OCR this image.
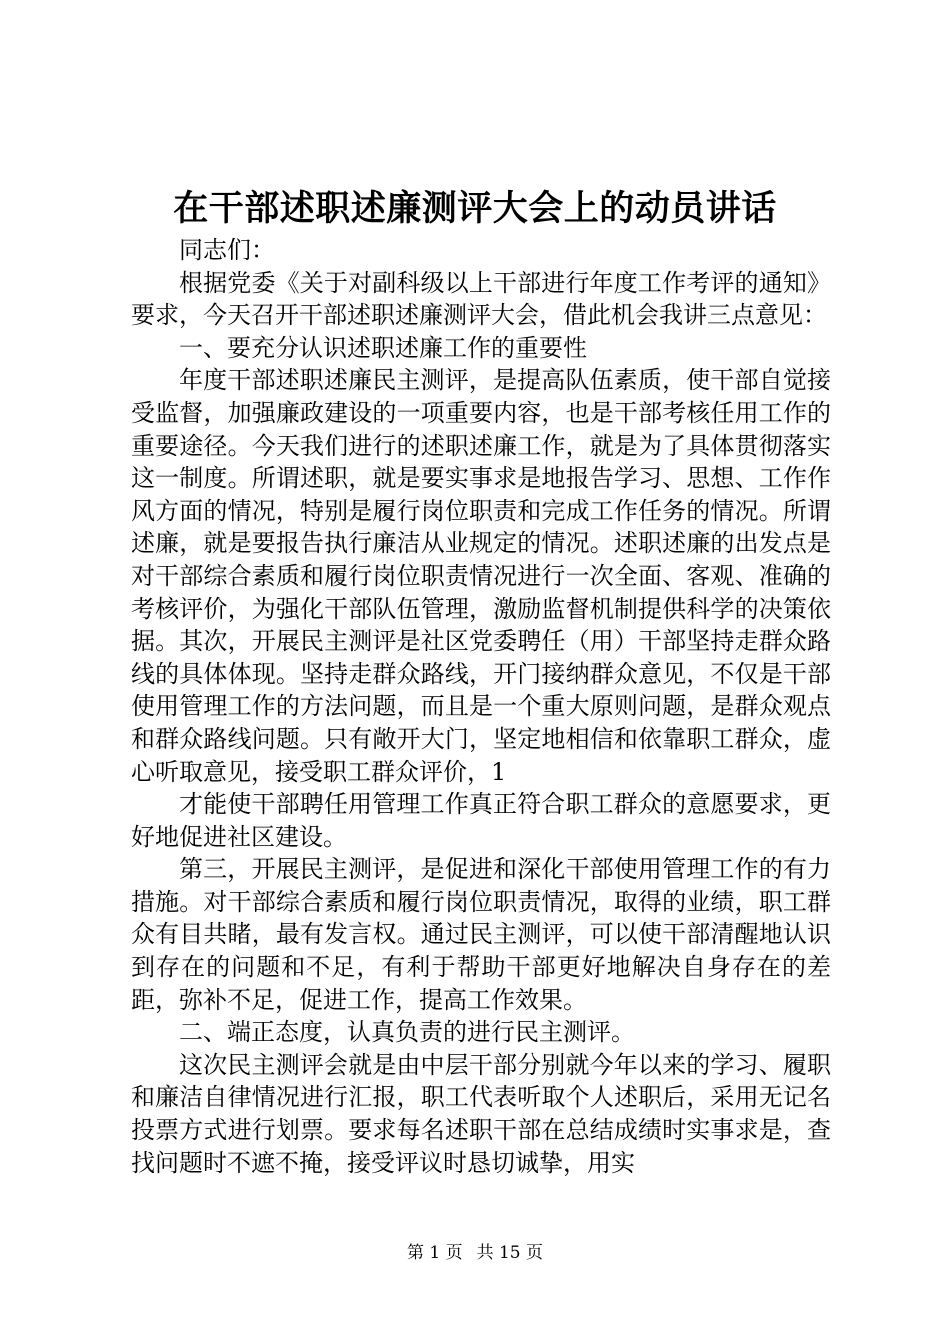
在干部述职述廉测评大会上的动员讲话

同志们：

根据党委《关于对副科级以上干部进行年度工作考评的通知》要求，今天召开干部述职述廉测评大会，借此机会我讲三点意见：

一、要充分认识述职述廉工作的重要性

年度干部述职述廉民主测评，是提高队伍素质，使干部自觉接受监督，加强廉政建设的一项重要内容，也是干部考核任用工作的重要途径。今天我们进行的述职述廉工作，就是为了具体贯彻落实这一制度。所谓述职，就是要实事求是地报告学习、思想、工作作风方面的情况，特别是履行岗位职责和完成工作任务的情况。所谓述廉，就是要报告执行廉洁从业规定的情况。述职述廉的出发点是对干部综合素质和履行岗位职责情况进行一次全面、客观、准确的考核评价，为强化干部队伍管理，激励监督机制提供科学的决策依据。其次，开展民主测评是社区党委聘任（用）干部坚持走群众路线的具体体现。坚持走群众路线，开门接纳群众意见，不仅是干部使用管理工作的方法问题，而且是一个重大原则问题，是群众观点和群众路线问题。只有敞开大门，坚定地相信和依靠职工群众，虚心听取意见，接受职工群众评价，1

才能使干部聘任用管理工作真正符合职工群众的意愿要求，更好地促进社区建设。

第三，开展民主测评，是促进和深化干部使用管理工作的有力措施。对干部综合素质和履行岗位职责情况，取得的业绩，职工群众有目共睹，最有发言权。通过民主测评，可以使干部清醒地认识到存在的问题和不足，有利于帮助干部更好地解决自身存在的差距，弥补不足，促进工作，提高工作效果。

二、端正态度，认真负责的进行民主测评。

这次民主测评会就是由中层干部分别就今年以来的学习、履职和廉洁自律情况进行汇报，职工代表听取个人述职后，采用无记名投票方式进行划票。要求每名述职干部在总结成绩时实事求是，查找问题时不遮不掩，接受评议时恳切诚挚，用实

第 1 页 共 15 页
